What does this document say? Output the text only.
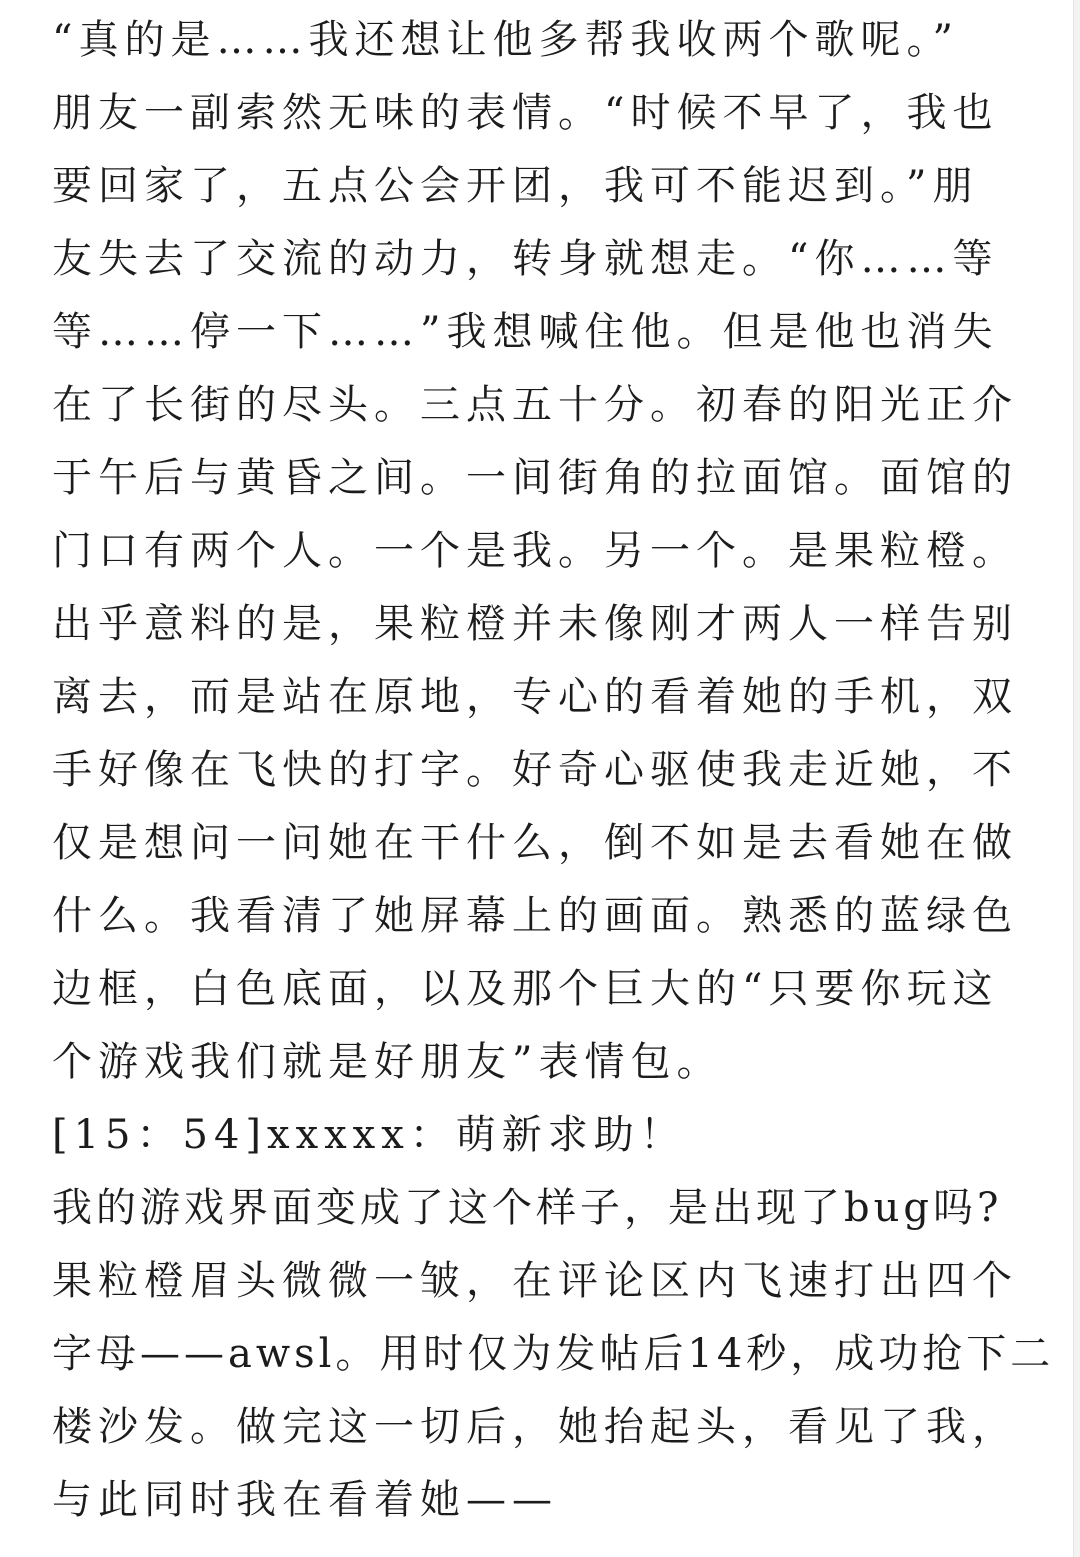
“真的是……我还想让他多帮我收两个歌呢。”
朋友一副索然无味的表情。“时候不早了，我也
要回家了，五点公会开团，我可不能迟到。”朋
友失去了交流的动力，转身就想走。“你……等
等……停一下……”我想喊住他。但是他也消失
在了长街的尽头。三点五十分。初春的阳光正介
于午后与黄昏之间。一间街角的拉面馆。面馆的
门口有两个人。一个是我。另一个。是果粒橙。
出乎意料的是，果粒橙并未像刚才两人一样告别
离去，而是站在原地，专心的看着她的手机，双
手好像在飞快的打字。好奇心驱使我走近她，不
仅是想问一问她在干什么，倒不如是去看她在做
什么。我看清了她屏幕上的画面。熟悉的蓝绿色
边框，白色底面，以及那个巨大的“只要你玩这
个游戏我们就是好朋友”表情包。
[15：54]xxxxx：萌新求助！
我的游戏界面变成了这个样子，是出现了bug吗?
果粒橙眉头微微一皱，在评论区内飞速打出四个
字母——awsl。用时仅为发帖后14秒，成功抢下二
楼沙发。做完这一切后，她抬起头，看见了我，
与此同时我在看着她——
